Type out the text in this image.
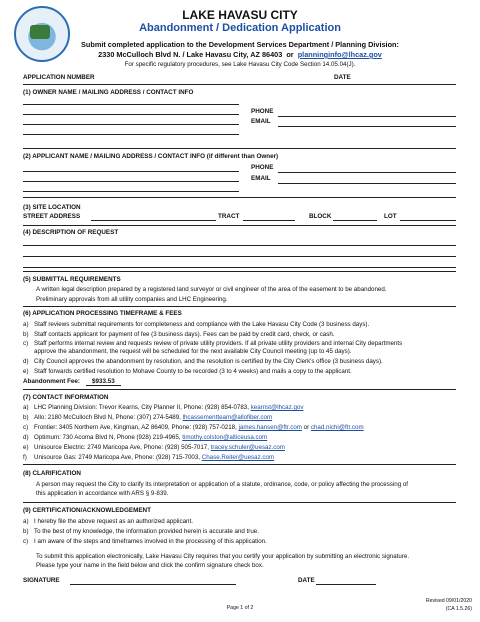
LAKE HAVASU CITY
Abandonment / Dedication Application
Submit completed application to the Development Services Department / Planning Division:
2330 McCulloch Blvd N. / Lake Havasu City, AZ 86403 or planninginfo@lhcaz.gov
For specific regulatory procedures, see Lake Havasu City Code Section 14.05.04(J).
APPLICATION NUMBER	DATE
(1) OWNER NAME / MAILING ADDRESS / CONTACT INFO
PHONE
EMAIL
(2) APPLICANT NAME / MAILING ADDRESS / CONTACT INFO (if different than Owner)
PHONE
EMAIL
(3) SITE LOCATION
STREET ADDRESS	TRACT	BLOCK	LOT
(4) DESCRIPTION OF REQUEST
(5) SUBMITTAL REQUIREMENTS
A written legal description prepared by a registered land surveyor or civil engineer of the area of the easement to be abandoned.
Preliminary approvals from all utility companies and LHC Engineering.
(6) APPLICATION PROCESSING TIMEFRAME & FEES
a) Staff reviews submittal requirements for completeness and compliance with the Lake Havasu City Code (3 business days).
b) Staff contacts applicant for payment of fee (3 business days). Fees can be paid by credit card, check, or cash.
c) Staff performs internal review and requests review of private utility providers. If all private utility providers and internal City departments
approve the abandonment, the request will be scheduled for the next available City Council meeting (up to 45 days).
d) City Council approves the abandonment by resolution, and the resolution is certified by the City Clerk's office (3 business days).
e) Staff forwards certified resolution to Mohave County to be recorded (3 to 4 weeks) and mails a copy to the applicant.
Abandonment Fee:	$933.53
(7) CONTACT INFORMATION
a) LHC Planning Division: Trevor Kearns, City Planner II, Phone: (928) 854-0783, kearnst@lhcaz.gov
b) Allo: 2180 McCulloch Blvd N, Phone: (307) 274-5489, lhcassementteam@allofiber.com
c) Frontier: 3405 Northern Ave, Kingman, AZ 86409, Phone: (928) 757-0218, james.hansen@ftr.com or chad.nichi@ftr.com
d) Optimum: 730 Acoma Blvd N, Phone (928) 219-4965, timothy.colston@alticeusa.com
e) Unisource Electric: 2749 Maricopa Ave, Phone: (928) 505-7017, tracey.schuler@uesaz.com
f) Unisource Gas: 2749 Maricopa Ave, Phone: (928) 715-7003, Chase.Reiter@uesaz.com
(8) CLARIFICATION
A person may request the City to clarify its interpretation or application of a statute, ordinance, code, or policy affecting the processing of
this application in accordance with ARS § 9-839.
(9) CERTIFICATION/ACKNOWLEDGEMENT
a) I hereby file the above request as an authorized applicant.
b) To the best of my knowledge, the information provided herein is accurate and true.
c) I am aware of the steps and timeframes involved in the processing of this application.
To submit this application electronically, Lake Havasu City requires that you certify your application by submitting an electronic signature.
Please type your name in the field below and click the confirm signature check box.
SIGNATURE	DATE
Page 1 of 2
Revised 09/01/2020
(CA 1.5.26)
